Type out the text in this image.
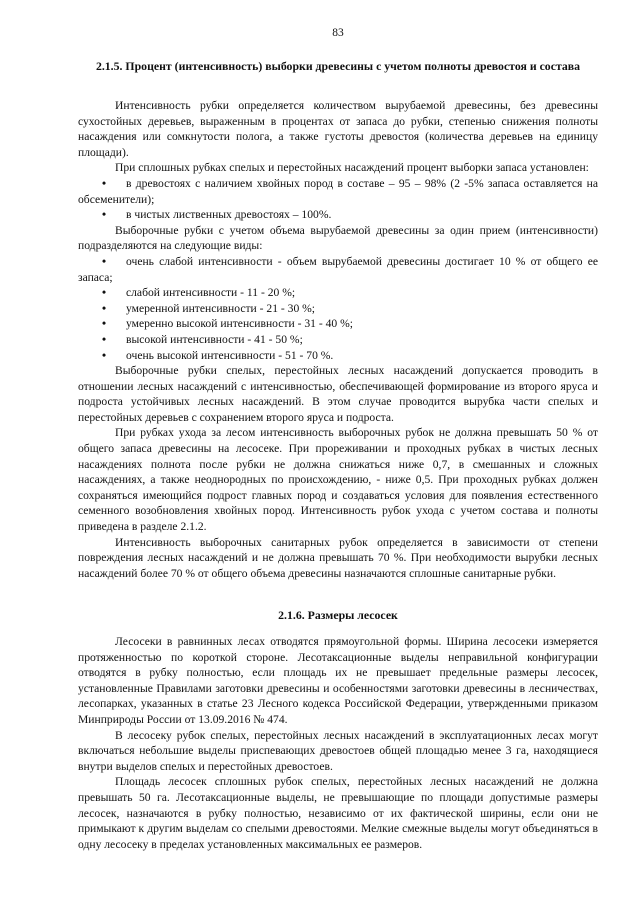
83
2.1.5. Процент (интенсивность) выборки древесины с учетом полноты древостоя и состава

Интенсивность рубки определяется количеством вырубаемой древесины, без древесины сухостойных деревьев, выраженным в процентах от запаса до рубки, степенью снижения полноты насаждения или сомкнутости полога, а также густоты древостоя (количества деревьев на единицу площади).

При сплошных рубках спелых и перестойных насаждений процент выборки запаса установлен:

• в древостоях с наличием хвойных пород в составе – 95 – 98% (2 -5% запаса оставляется на обсеменители);
• в чистых лиственных древостоях – 100%.

Выборочные рубки с учетом объема вырубаемой древесины за один прием (интенсивности) подразделяются на следующие виды:

• очень слабой интенсивности - объем вырубаемой древесины достигает 10 % от общего ее запаса;
• слабой интенсивности - 11 - 20 %;
• умеренной интенсивности - 21 - 30 %;
• умеренно высокой интенсивности - 31 - 40 %;
• высокой интенсивности - 41 - 50 %;
• очень высокой интенсивности - 51 - 70 %.

Выборочные рубки спелых, перестойных лесных насаждений допускается проводить в отношении лесных насаждений с интенсивностью, обеспечивающей формирование из второго яруса и подроста устойчивых лесных насаждений. В этом случае проводится вырубка части спелых и перестойных деревьев с сохранением второго яруса и подроста.

При рубках ухода за лесом интенсивность выборочных рубок не должна превышать 50 % от общего запаса древесины на лесосеке. При прореживании и проходных рубках в чистых лесных насаждениях полнота после рубки не должна снижаться ниже 0,7, в смешанных и сложных насаждениях, а также неоднородных по происхождению, - ниже 0,5. При проходных рубках должен сохраняться имеющийся подрост главных пород и создаваться условия для появления естественного семенного возобновления хвойных пород. Интенсивность рубок ухода с учетом состава и полноты приведена в разделе 2.1.2.

Интенсивность выборочных санитарных рубок определяется в зависимости от степени повреждения лесных насаждений и не должна превышать 70 %. При необходимости вырубки лесных насаждений более 70 % от общего объема древесины назначаются сплошные санитарные рубки.

2.1.6. Размеры лесосек

Лесосеки в равнинных лесах отводятся прямоугольной формы. Ширина лесосеки измеряется протяженностью по короткой стороне. Лесотаксационные выделы неправильной конфигурации отводятся в рубку полностью, если площадь их не превышает предельные размеры лесосек, установленные Правилами заготовки древесины и особенностями заготовки древесины в лесничествах, лесопарках, указанных в статье 23 Лесного кодекса Российской Федерации, утвержденными приказом Минприроды России от 13.09.2016 № 474.

В лесосеку рубок спелых, перестойных лесных насаждений в эксплуатационных лесах могут включаться небольшие выделы приспевающих древостоев общей площадью менее 3 га, находящиеся внутри выделов спелых и перестойных древостоев.

Площадь лесосек сплошных рубок спелых, перестойных лесных насаждений не должна превышать 50 га. Лесотаксационные выделы, не превышающие по площади допустимые размеры лесосек, назначаются в рубку полностью, независимо от их фактической ширины, если они не примыкают к другим выделам со спелыми древостоями. Мелкие смежные выделы могут объединяться в одну лесосеку в пределах установленных максимальных ее размеров.
